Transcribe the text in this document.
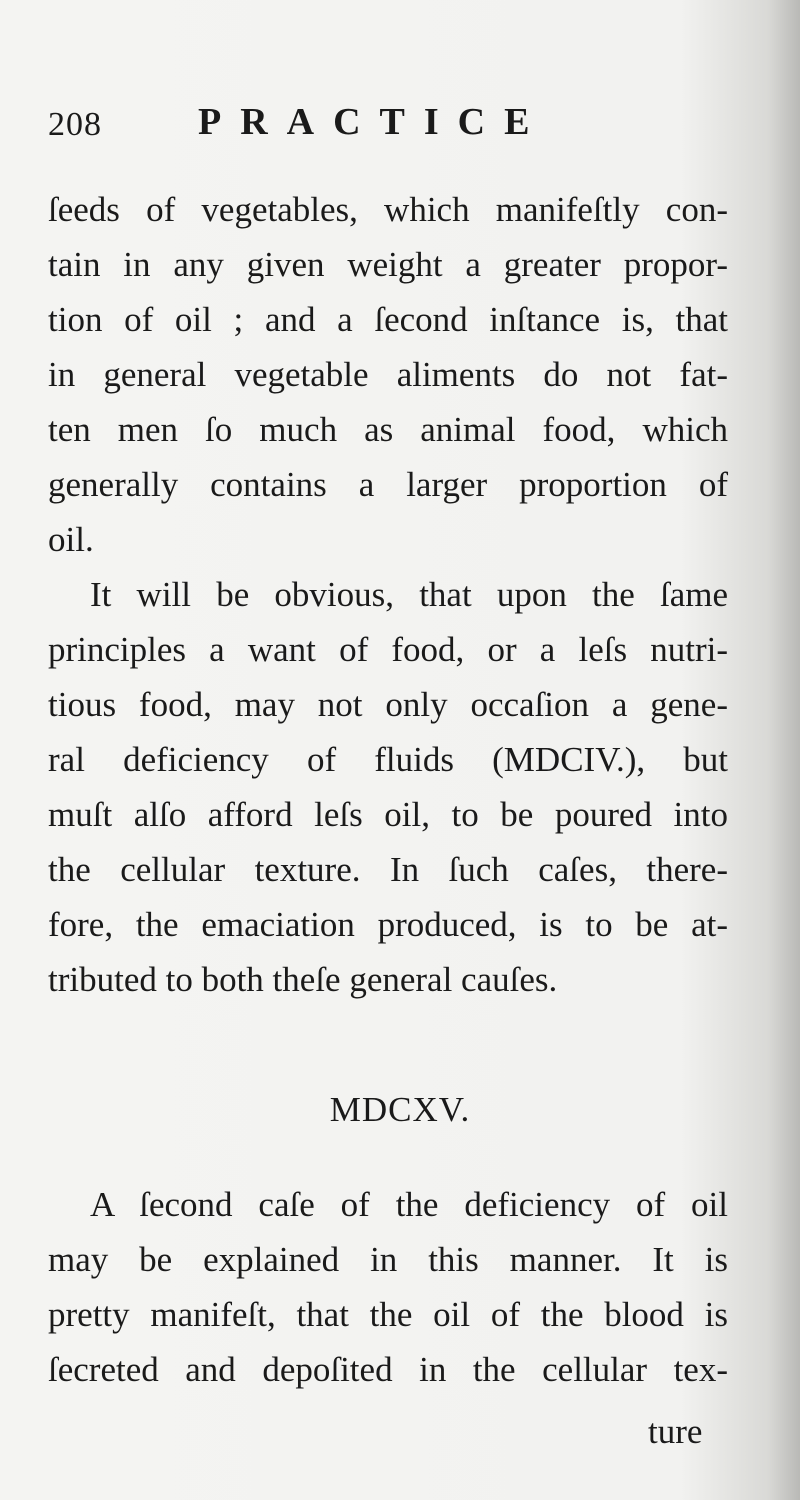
208	PRACTICE
ſeeds of vegetables, which manifeſtly con-
tain in any given weight a greater propor-
tion of oil ; and a ſecond inſtance is, that
in general vegetable aliments do not fat-
ten men ſo much as animal food, which
generally contains a larger proportion of
oil.
It will be obvious, that upon the ſame
principles a want of food, or a leſs nutri-
tious food, may not only occaſion a gene-
ral deficiency of fluids (MDCIV.), but
muſt alſo afford leſs oil, to be poured into
the cellular texture. In ſuch caſes, there-
fore, the emaciation produced, is to be at-
tributed to both theſe general cauſes.
MDCXV.
A ſecond caſe of the deficiency of oil
may be explained in this manner. It is
pretty manifeſt, that the oil of the blood is
ſecreted and depoſited in the cellular tex-
ture
